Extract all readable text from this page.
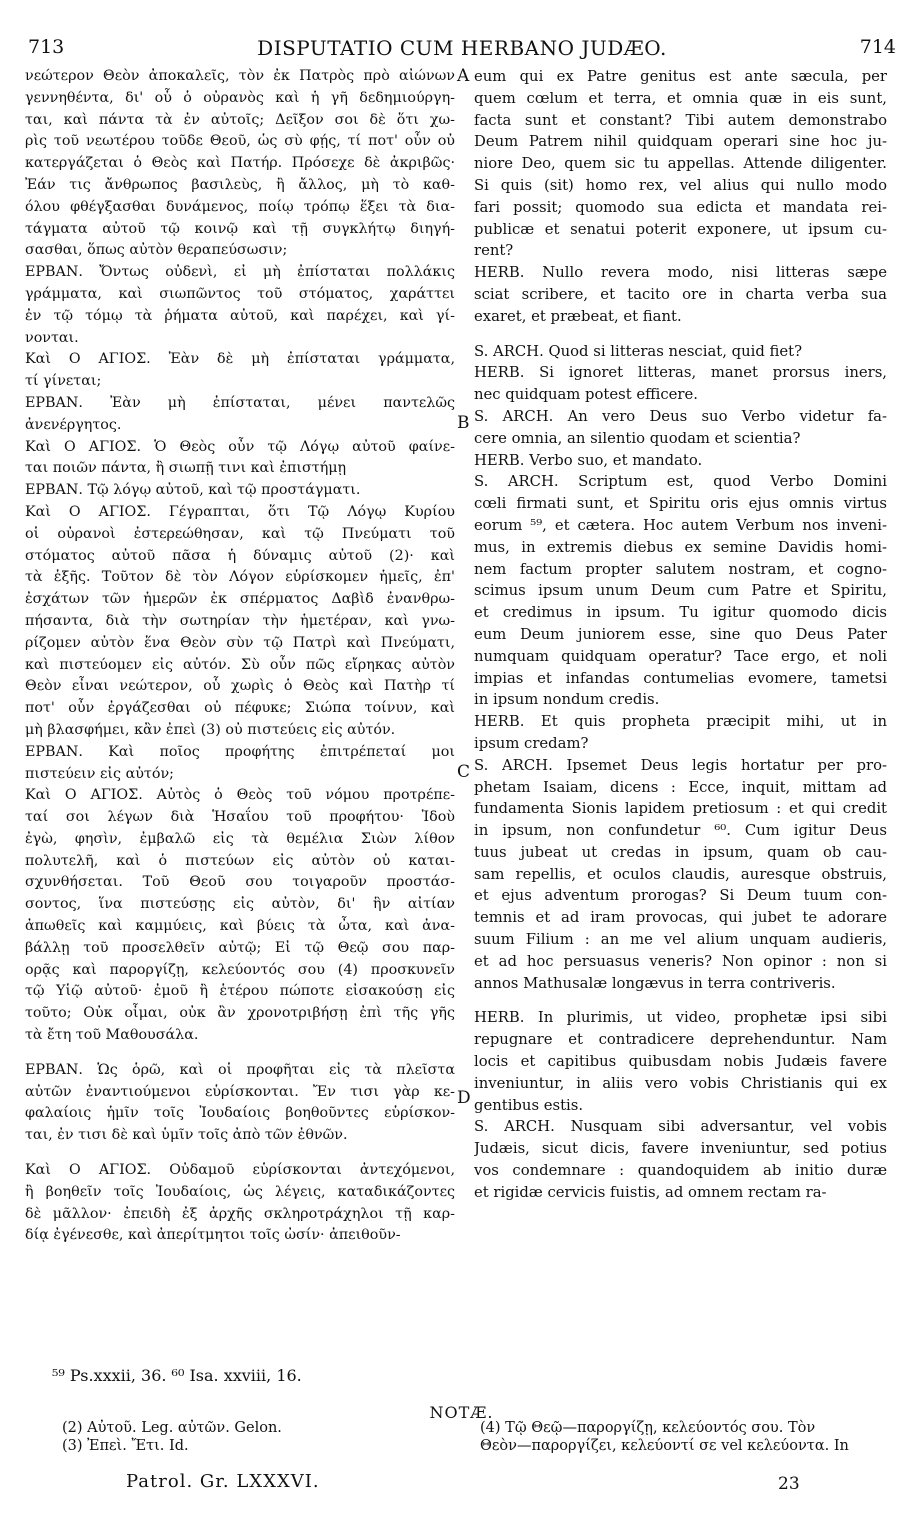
713	DISPUTATIO CUM HERBANO JUDÆO.	714

νεώτερον Θεὸν ἀποκαλεῖς, τὸν ἐκ Πατρὸς πρὸ αἰώνων

γεννηθέντα, δι' οὗ ὁ οὐρανὸς καὶ ἡ γῆ δεδημιούργη-

ται, καὶ πάντα τὰ ἐν αὐτοῖς; Δεῖξον σοι δὲ ὅτι χω-

ρὶς τοῦ νεωτέρου τοῦδε Θεοῦ, ὡς σὺ φῄς, τί ποτ' οὖν οὐ

κατεργάζεται ὁ Θεὸς καὶ Πατήρ. Πρόσεχε δὲ ἀκριβῶς·

Ἐάν τις ἄνθρωπος βασιλεὺς, ἢ ἄλλος, μὴ τὸ καθ-

όλου φθέγξασθαι δυνάμενος, ποίῳ τρόπῳ ἕξει τὰ δια-

τάγματα αὐτοῦ τῷ κοινῷ καὶ τῇ συγκλήτῳ διηγή-

σασθαι, ὅπως αὐτὸν θεραπεύσωσιν;

ΕΡΒΑΝ. Ὄντως οὐδενὶ, εἰ μὴ ἐπίσταται πολλάκις

γράμματα, καὶ σιωπῶντος τοῦ στόματος, χαράττει

ἐν τῷ τόμῳ τὰ ῥήματα αὐτοῦ, καὶ παρέχει, καὶ γί-

νονται.

Καὶ Ο ΑΓΙΟΣ. Ἐὰν δὲ μὴ ἐπίσταται γράμματα,

τί γίνεται;

ΕΡΒΑΝ. Ἐὰν μὴ ἐπίσταται, μένει παντελῶς

ἀνενέργητος.

Καὶ Ο ΑΓΙΟΣ. Ὁ Θεὸς οὖν τῷ Λόγῳ αὐτοῦ φαίνε-

ται ποιῶν πάντα, ἢ σιωπῇ τινι καὶ ἐπιστήμῃ

ΕΡΒΑΝ. Τῷ λόγῳ αὐτοῦ, καὶ τῷ προστάγματι.

Καὶ Ο ΑΓΙΟΣ. Γέγραπται, ὅτι Τῷ Λόγῳ Κυρίου

οἱ οὐρανοὶ ἐστερεώθησαν, καὶ τῷ Πνεύματι τοῦ

στόματος αὐτοῦ πᾶσα ἡ δύναμις αὐτοῦ (2)· καὶ

τὰ ἑξῆς. Τοῦτον δὲ τὸν Λόγον εὑρίσκομεν ἡμεῖς, ἐπ'

ἐσχάτων τῶν ἡμερῶν ἐκ σπέρματος Δαβὶδ ἐνανθρω-

πήσαντα, διὰ τὴν σωτηρίαν τὴν ἡμετέραν, καὶ γνω-

ρίζομεν αὐτὸν ἕνα Θεὸν σὺν τῷ Πατρὶ καὶ Πνεύματι,

καὶ πιστεύομεν εἰς αὐτόν. Σὺ οὖν πῶς εἴρηκας αὐτὸν

Θεὸν εἶναι νεώτερον, οὗ χωρὶς ὁ Θεὸς καὶ Πατὴρ τί

ποτ' οὖν ἐργάζεσθαι οὐ πέφυκε; Σιώπα τοίνυν, καὶ

μὴ βλασφήμει, κἂν ἐπεὶ (3) οὐ πιστεύεις εἰς αὐτόν.

ΕΡΒΑΝ. Καὶ ποῖος προφήτης ἐπιτρέπεταί μοι

πιστεύειν εἰς αὐτόν;

Καὶ Ο ΑΓΙΟΣ. Αὐτὸς ὁ Θεὸς τοῦ νόμου προτρέπε-

ταί σοι λέγων διὰ Ἡσαΐου τοῦ προφήτου· Ἰδοὺ

ἐγὼ, φησὶν, ἐμβαλῶ εἰς τὰ θεμέλια Σιὼν λίθον

πολυτελῆ, καὶ ὁ πιστεύων εἰς αὐτὸν οὐ καται-

σχυνθήσεται. Τοῦ Θεοῦ σου τοιγαροῦν προστάσ-

σοντος, ἵνα πιστεύσῃς εἰς αὐτὸν, δι' ἣν αἰτίαν

ἀπωθεῖς καὶ καμμύεις, καὶ βύεις τὰ ὦτα, καὶ ἀνα-

βάλλῃ τοῦ προσελθεῖν αὐτῷ; Εἰ τῷ Θεῷ σου παρ-

ορᾷς καὶ παροργίζῃ, κελεύοντός σου (4) προσκυνεῖν

τῷ Υἱῷ αὐτοῦ· ἐμοῦ ἢ ἑτέρου πώποτε εἰσακούσῃ εἰς

τοῦτο; Οὐκ οἶμαι, οὐκ ἂν χρονοτριβήσῃ ἐπὶ τῆς γῆς

τὰ ἔτη τοῦ Μαθουσάλα.

ΕΡΒΑΝ. Ὡς ὁρῶ, καὶ οἱ προφῆται εἰς τὰ πλεῖστα

αὐτῶν ἐναντιούμενοι εὑρίσκονται. Ἔν τισι γὰρ κε-

φαλαίοις ἡμῖν τοῖς Ἰουδαίοις βοηθοῦντες εὑρίσκον-

ται, ἐν τισι δὲ καὶ ὑμῖν τοῖς ἀπὸ τῶν ἐθνῶν.

Καὶ Ο ΑΓΙΟΣ. Οὐδαμοῦ εὑρίσκονται ἀντεχόμενοι,

ἢ βοηθεῖν τοῖς Ἰουδαίοις, ὡς λέγεις, καταδικάζοντες

δὲ μᾶλλον· ἐπειδὴ ἐξ ἀρχῆς σκληροτράχηλοι τῇ καρ-

δίᾳ ἐγένεσθε, καὶ ἀπερίτμητοι τοῖς ὠσίν· ἀπειθοῦν-

eum qui ex Patre genitus est ante sæcula, per

quem cœlum et terra, et omnia quæ in eis sunt,

facta sunt et constant? Tibi autem demonstrabo

Deum Patrem nihil quidquam operari sine hoc ju-

niore Deo, quem sic tu appellas. Attende diligenter.

Si quis (sit) homo rex, vel alius qui nullo modo

fari possit; quomodo sua edicta et mandata rei-

publicæ et senatui poterit exponere, ut ipsum cu-

rent?

HERB. Nullo revera modo, nisi litteras sæpe

sciat scribere, et tacito ore in charta verba sua

exaret, et præbeat, et fiant.

S. ARCH. Quod si litteras nesciat, quid fiet?

HERB. Si ignoret litteras, manet prorsus iners,

nec quidquam potest efficere.

S. ARCH. An vero Deus suo Verbo videtur fa-

cere omnia, an silentio quodam et scientia?

HERB. Verbo suo, et mandato.

S. ARCH. Scriptum est, quod Verbo Domini

cœli firmati sunt, et Spiritu oris ejus omnis virtus

eorum ⁵⁹, et cætera. Hoc autem Verbum nos inveni-

mus, in extremis diebus ex semine Davidis homi-

nem factum propter salutem nostram, et cogno-

scimus ipsum unum Deum cum Patre et Spiritu,

et credimus in ipsum. Tu igitur quomodo dicis

eum Deum juniorem esse, sine quo Deus Pater

numquam quidquam operatur? Tace ergo, et noli

impias et infandas contumelias evomere, tametsi

in ipsum nondum credis.

HERB. Et quis propheta præcipit mihi, ut in

ipsum credam?

S. ARCH. Ipsemet Deus legis hortatur per pro-

phetam Isaiam, dicens : Ecce, inquit, mittam ad

fundamenta Sionis lapidem pretiosum : et qui credit

in ipsum, non confundetur ⁶⁰. Cum igitur Deus

tuus jubeat ut credas in ipsum, quam ob cau-

sam repellis, et oculos claudis, auresque obstruis,

et ejus adventum prorogas? Si Deum tuum con-

temnis et ad iram provocas, qui jubet te adorare

suum Filium : an me vel alium unquam audieris,

et ad hoc persuasus veneris? Non opinor : non si

annos Mathusalæ longævus in terra contriveris.

HERB. In plurimis, ut video, prophetæ ipsi sibi

repugnare et contradicere deprehenduntur. Nam

locis et capitibus quibusdam nobis Judæis favere

inveniuntur, in aliis vero vobis Christianis qui ex

gentibus estis.

S. ARCH. Nusquam sibi adversantur, vel vobis

Judæis, sicut dicis, favere inveniuntur, sed potius

vos condemnare : quandoquidem ab initio duræ

et rigidæ cervicis fuistis, ad omnem rectam ra-

A
B
C
D
⁵⁹ Ps.xxxii, 36. ⁶⁰ Isa. xxviii, 16.
NOTÆ.
(2) Αὐτοῦ. Leg. αὐτῶν. Gelon.
(3) Ἐπεὶ. Ἔτι. Id.
(4) Τῷ Θεῷ—παροργίζῃ, κελεύοντός σου. Τὸν
Θεὸν—παροργίζει, κελεύοντί σε vel κελεύοντα. In
Patrol. Gr. LXXXVI.	23
